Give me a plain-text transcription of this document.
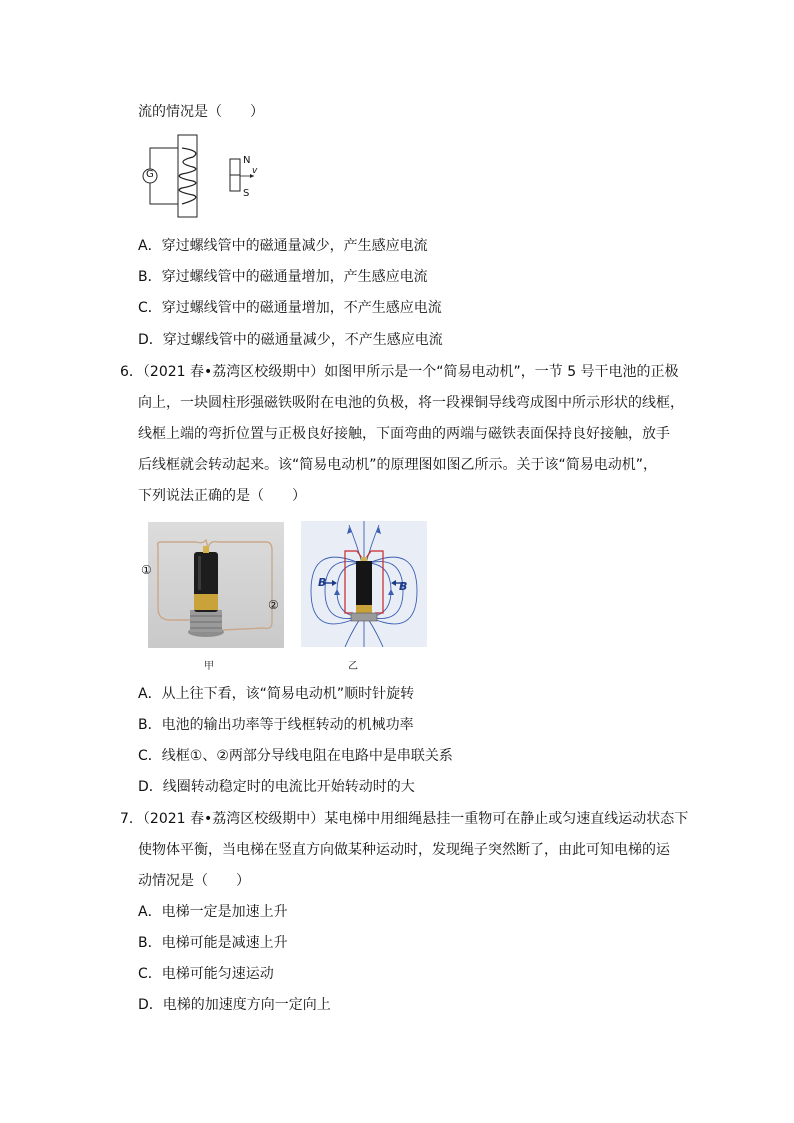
流的情况是（　　）
G
N
S
v
A．穿过螺线管中的磁通量减少，产生感应电流
B．穿过螺线管中的磁通量增加，产生感应电流
C．穿过螺线管中的磁通量增加，不产生感应电流
D．穿过螺线管中的磁通量减少，不产生感应电流
6．（2021 春•荔湾区校级期中）如图甲所示是一个“简易电动机”，一节 5 号干电池的正极
向上，一块圆柱形强磁铁吸附在电池的负极，将一段裸铜导线弯成图中所示形状的线框，
线框上端的弯折位置与正极良好接触，下面弯曲的两端与磁铁表面保持良好接触，放手
后线框就会转动起来。该“简易电动机”的原理图如图乙所示。关于该“简易电动机”，
下列说法正确的是（　　）
①
②
甲
B	B
乙
A．从上往下看，该“简易电动机”顺时针旋转
B．电池的输出功率等于线框转动的机械功率
C．线框①、②两部分导线电阻在电路中是串联关系
D．线圈转动稳定时的电流比开始转动时的大
7．（2021 春•荔湾区校级期中）某电梯中用细绳悬挂一重物可在静止或匀速直线运动状态下
使物体平衡，当电梯在竖直方向做某种运动时，发现绳子突然断了，由此可知电梯的运
动情况是（　　）
A．电梯一定是加速上升
B．电梯可能是减速上升
C．电梯可能匀速运动
D．电梯的加速度方向一定向上
